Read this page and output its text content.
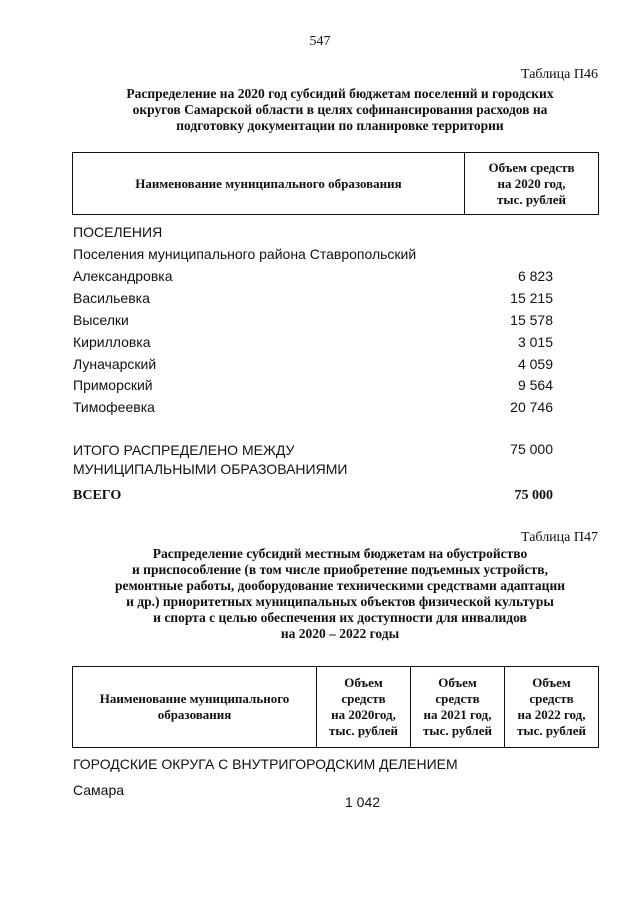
547
Таблица П46
Распределение на 2020 год субсидий бюджетам поселений и городских
округов Самарской области в целях софинансирования расходов на
подготовку документации по планировке территории
Наименование муниципального образования	
Объем средств
на 2020 год,
тыс. рублей
ПОСЕЛЕНИЯ
Поселения муниципального района Ставропольский
Александровка	6 823
Васильевка	15 215
Выселки	15 578
Кирилловка	3 015
Луначарский	4 059
Приморский	9 564
Тимофеевка	20 746
ИТОГО РАСПРЕДЕЛЕНО МЕЖДУ
МУНИЦИПАЛЬНЫМИ ОБРАЗОВАНИЯМИ
75 000
ВСЕГО	75 000
Таблица П47
Распределение субсидий местным бюджетам на обустройство
и приспособление (в том числе приобретение подъемных устройств,
ремонтные работы, дооборудование техническими средствами адаптации
и др.) приоритетных муниципальных объектов физической культуры
и спорта с целью обеспечения их доступности для инвалидов
на 2020 – 2022 годы
Наименование муниципального
образования

Объем
средств
на 2020год,
тыс. рублей

Объем
средств
на 2021 год,
тыс. рублей

Объем
средств
на 2022 год,
тыс. рублей
ГОРОДСКИЕ ОКРУГА С ВНУТРИГОРОДСКИМ ДЕЛЕНИЕМ
Самара
1 042
